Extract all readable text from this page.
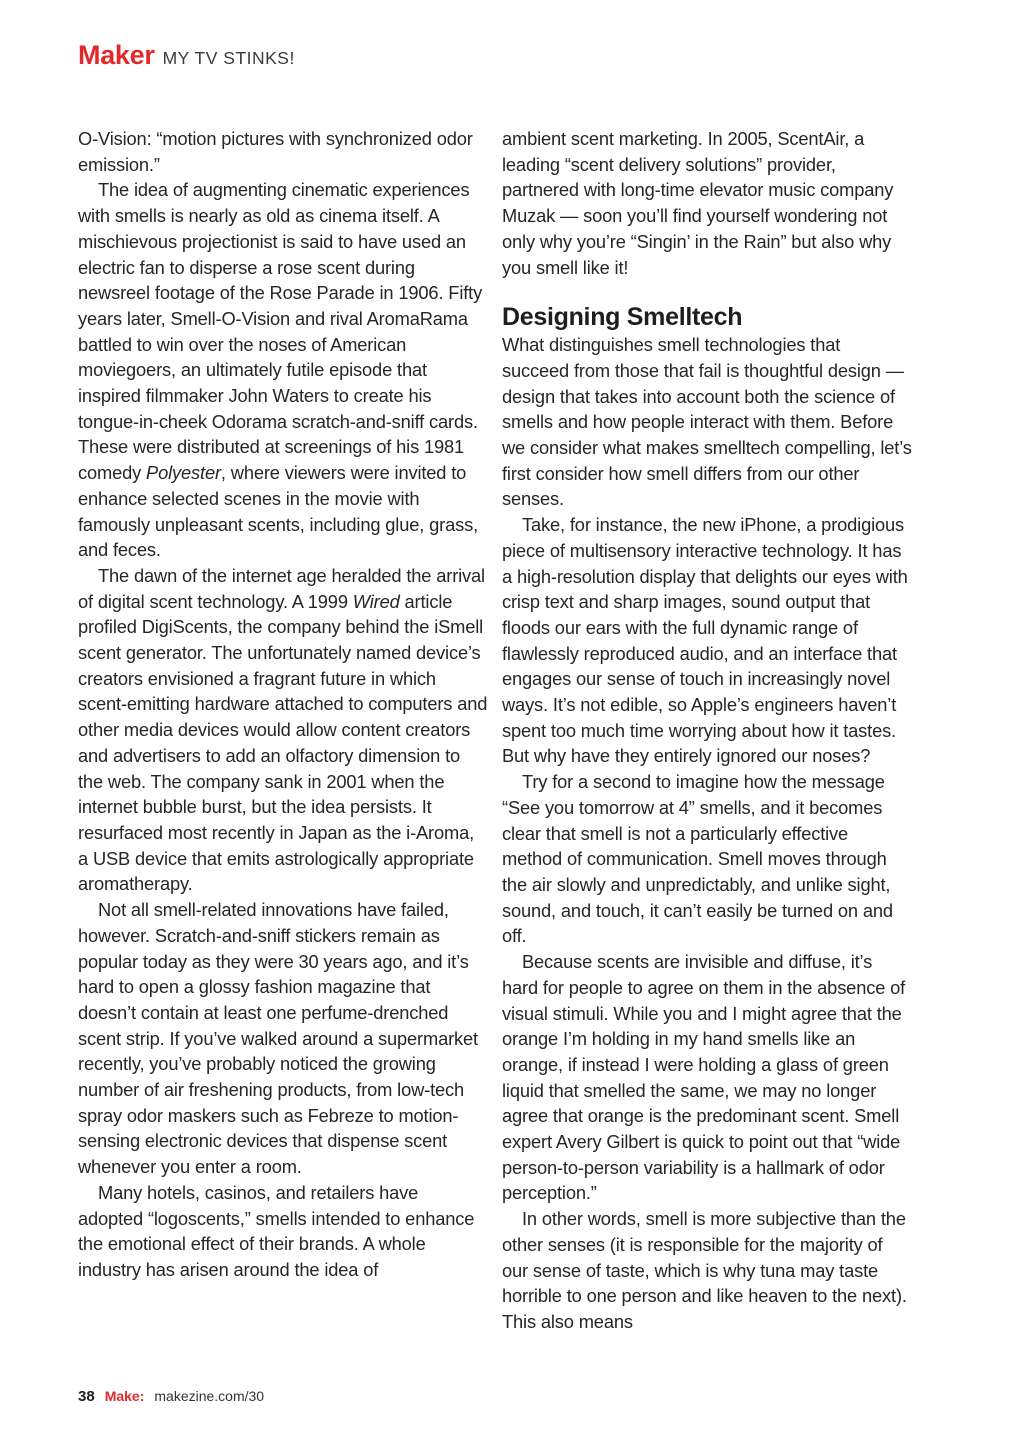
Maker MY TV STINKS!

O-Vision: “motion pictures with synchronized odor emission.”

The idea of augmenting cinematic experiences with smells is nearly as old as cinema itself. A mischievous projectionist is said to have used an electric fan to disperse a rose scent during newsreel footage of the Rose Parade in 1906. Fifty years later, Smell-O-Vision and rival AromaRama battled to win over the noses of American moviegoers, an ultimately futile episode that inspired filmmaker John Waters to create his tongue-in-cheek Odorama scratch-and-sniff cards. These were distributed at screenings of his 1981 comedy Polyester, where viewers were invited to enhance selected scenes in the movie with famously unpleasant scents, including glue, grass, and feces.

The dawn of the internet age heralded the arrival of digital scent technology. A 1999 Wired article profiled DigiScents, the company behind the iSmell scent generator. The unfortunately named device’s creators envisioned a fragrant future in which scent-emitting hardware attached to computers and other media devices would allow content creators and advertisers to add an olfactory dimension to the web. The company sank in 2001 when the internet bubble burst, but the idea persists. It resurfaced most recently in Japan as the i-Aroma, a USB device that emits astrologically appropriate aromatherapy.

Not all smell-related innovations have failed, however. Scratch-and-sniff stickers remain as popular today as they were 30 years ago, and it’s hard to open a glossy fashion magazine that doesn’t contain at least one perfume-drenched scent strip. If you’ve walked around a supermarket recently, you’ve probably noticed the growing number of air freshening products, from low-tech spray odor maskers such as Febreze to motion-sensing electronic devices that dispense scent whenever you enter a room.

Many hotels, casinos, and retailers have adopted “logoscents,” smells intended to enhance the emotional effect of their brands. A whole industry has arisen around the idea of

ambient scent marketing. In 2005, ScentAir, a leading “scent delivery solutions” provider, partnered with long-time elevator music company Muzak — soon you’ll find yourself wondering not only why you’re “Singin’ in the Rain” but also why you smell like it!

Designing Smelltech

What distinguishes smell technologies that succeed from those that fail is thoughtful design — design that takes into account both the science of smells and how people interact with them. Before we consider what makes smelltech compelling, let’s first consider how smell differs from our other senses.

Take, for instance, the new iPhone, a prodigious piece of multisensory interactive technology. It has a high-resolution display that delights our eyes with crisp text and sharp images, sound output that floods our ears with the full dynamic range of flawlessly reproduced audio, and an interface that engages our sense of touch in increasingly novel ways. It’s not edible, so Apple’s engineers haven’t spent too much time worrying about how it tastes. But why have they entirely ignored our noses?

Try for a second to imagine how the message “See you tomorrow at 4” smells, and it becomes clear that smell is not a particularly effective method of communication. Smell moves through the air slowly and unpredictably, and unlike sight, sound, and touch, it can’t easily be turned on and off.

Because scents are invisible and diffuse, it’s hard for people to agree on them in the absence of visual stimuli. While you and I might agree that the orange I’m holding in my hand smells like an orange, if instead I were holding a glass of green liquid that smelled the same, we may no longer agree that orange is the predominant scent. Smell expert Avery Gilbert is quick to point out that “wide person-to-person variability is a hallmark of odor perception.”

In other words, smell is more subjective than the other senses (it is responsible for the majority of our sense of taste, which is why tuna may taste horrible to one person and like heaven to the next). This also means

38 Make: makezine.com/30
